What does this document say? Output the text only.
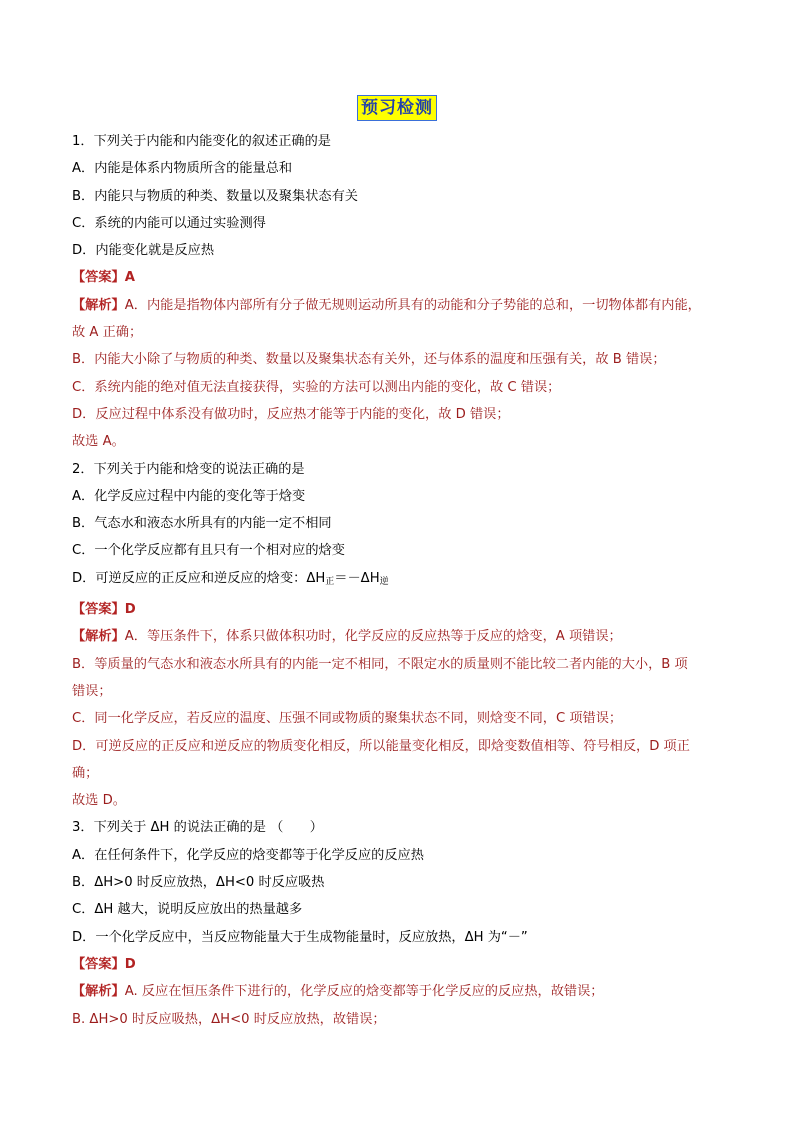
预习检测
1．下列关于内能和内能变化的叙述正确的是
A．内能是体系内物质所含的能量总和
B．内能只与物质的种类、数量以及聚集状态有关
C．系统的内能可以通过实验测得
D．内能变化就是反应热
【答案】A
【解析】A．内能是指物体内部所有分子做无规则运动所具有的动能和分子势能的总和，一切物体都有内能，
故 A 正确；
B．内能大小除了与物质的种类、数量以及聚集状态有关外，还与体系的温度和压强有关，故 B 错误；
C．系统内能的绝对值无法直接获得，实验的方法可以测出内能的变化，故 C 错误；
D．反应过程中体系没有做功时，反应热才能等于内能的变化，故 D 错误；
故选 A。
2．下列关于内能和焓变的说法正确的是
A．化学反应过程中内能的变化等于焓变
B．气态水和液态水所具有的内能一定不相同
C．一个化学反应都有且只有一个相对应的焓变
D．可逆反应的正反应和逆反应的焓变：$\Delta H_正=-\Delta H_逆$
【答案】D
【解析】A．等压条件下，体系只做体积功时，化学反应的反应热等于反应的焓变，A 项错误；
B．等质量的气态水和液态水所具有的内能一定不相同，不限定水的质量则不能比较二者内能的大小，B 项
错误；
C．同一化学反应，若反应的温度、压强不同或物质的聚集状态不同，则焓变不同，C 项错误；
D．可逆反应的正反应和逆反应的物质变化相反，所以能量变化相反，即焓变数值相等、符号相反，D 项正
确；
故选 D。
3．下列关于 ΔH 的说法正确的是 （　　）
A．在任何条件下，化学反应的焓变都等于化学反应的反应热
B．ΔH>0 时反应放热，ΔH<0 时反应吸热
C．ΔH 越大，说明反应放出的热量越多
D．一个化学反应中，当反应物能量大于生成物能量时，反应放热，ΔH 为“－”
【答案】D
【解析】A. 反应在恒压条件下进行的，化学反应的焓变都等于化学反应的反应热，故错误；
B. ΔH>0 时反应吸热，ΔH<0 时反应放热，故错误；
